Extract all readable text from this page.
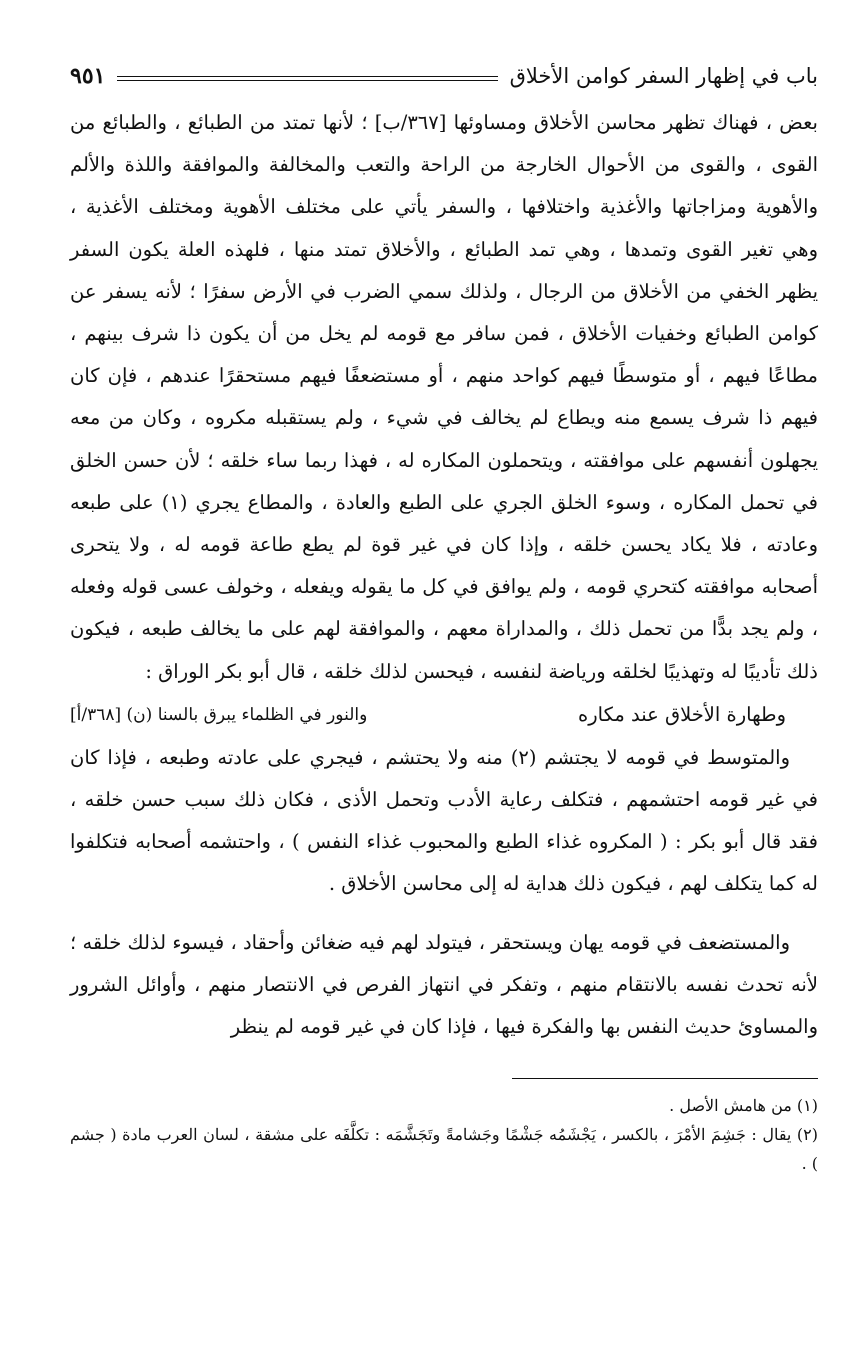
باب في إظهار السفر كوامن الأخلاق
٩٥١

بعض ، فهناك تظهر محاسن الأخلاق ومساوئها [٣٦٧/ب] ؛ لأنها تمتد من الطبائع ، والطبائع من القوى ، والقوى من الأحوال الخارجة من الراحة والتعب والمخالفة والموافقة واللذة والألم والأهوية ومزاجاتها والأغذية واختلافها ، والسفر يأتي على مختلف الأهوية ومختلف الأغذية ، وهي تغير القوى وتمدها ، وهي تمد الطبائع ، والأخلاق تمتد منها ، فلهذه العلة يكون السفر يظهر الخفي من الأخلاق من الرجال ، ولذلك سمي الضرب في الأرض سفرًا ؛ لأنه يسفر عن كوامن الطبائع وخفيات الأخلاق ، فمن سافر مع قومه لم يخل من أن يكون ذا شرف بينهم ، مطاعًا فيهم ، أو متوسطًا فيهم كواحد منهم ، أو مستضعفًا فيهم مستحقرًا عندهم ، فإن كان فيهم ذا شرف يسمع منه ويطاع لم يخالف في شيء ، ولم يستقبله مكروه ، وكان من معه يجهلون أنفسهم على موافقته ، ويتحملون المكاره له ، فهذا ربما ساء خلقه ؛ لأن حسن الخلق في تحمل المكاره ، وسوء الخلق الجري على الطبع والعادة ، والمطاع يجري (١) على طبعه وعادته ، فلا يكاد يحسن خلقه ، وإذا كان في غير قوة لم يطع طاعة قومه له ، ولا يتحرى أصحابه موافقته كتحري قومه ، ولم يوافق في كل ما يقوله ويفعله ، وخولف عسى قوله وفعله ، ولم يجد بدًّا من تحمل ذلك ، والمداراة معهم ، والموافقة لهم على ما يخالف طبعه ، فيكون ذلك تأديبًا له وتهذيبًا لخلقه ورياضة لنفسه ، فيحسن لذلك خلقه ، قال أبو بكر الوراق :

وطهارة الأخلاق عند مكاره
والنور في الظلماء يبرق بالسنا (ن) [٣٦٨/أ]

والمتوسط في قومه لا يجتشم (٢) منه ولا يحتشم ، فيجري على عادته وطبعه ، فإذا كان في غير قومه احتشمهم ، فتكلف رعاية الأدب وتحمل الأذى ، فكان ذلك سبب حسن خلقه ، فقد قال أبو بكر : ( المكروه غذاء الطبع والمحبوب غذاء النفس ) ، واحتشمه أصحابه فتكلفوا له كما يتكلف لهم ، فيكون ذلك هداية له إلى محاسن الأخلاق .

والمستضعف في قومه يهان ويستحقر ، فيتولد لهم فيه ضغائن وأحقاد ، فيسوء لذلك خلقه ؛ لأنه تحدث نفسه بالانتقام منهم ، وتفكر في انتهاز الفرص في الانتصار منهم ، وأوائل الشرور والمساوئ حديث النفس بها والفكرة فيها ، فإذا كان في غير قومه لم ينظر

(١) من هامش الأصل .

(٢) يقال : جَشِمَ الأمْرَ ، بالكسر ، يَجْشَمُه جَشْمًا وجَشامةً وتَجَشَّمَه : تكلَّفَه على مشقة ، لسان العرب مادة ( جشم ) .
